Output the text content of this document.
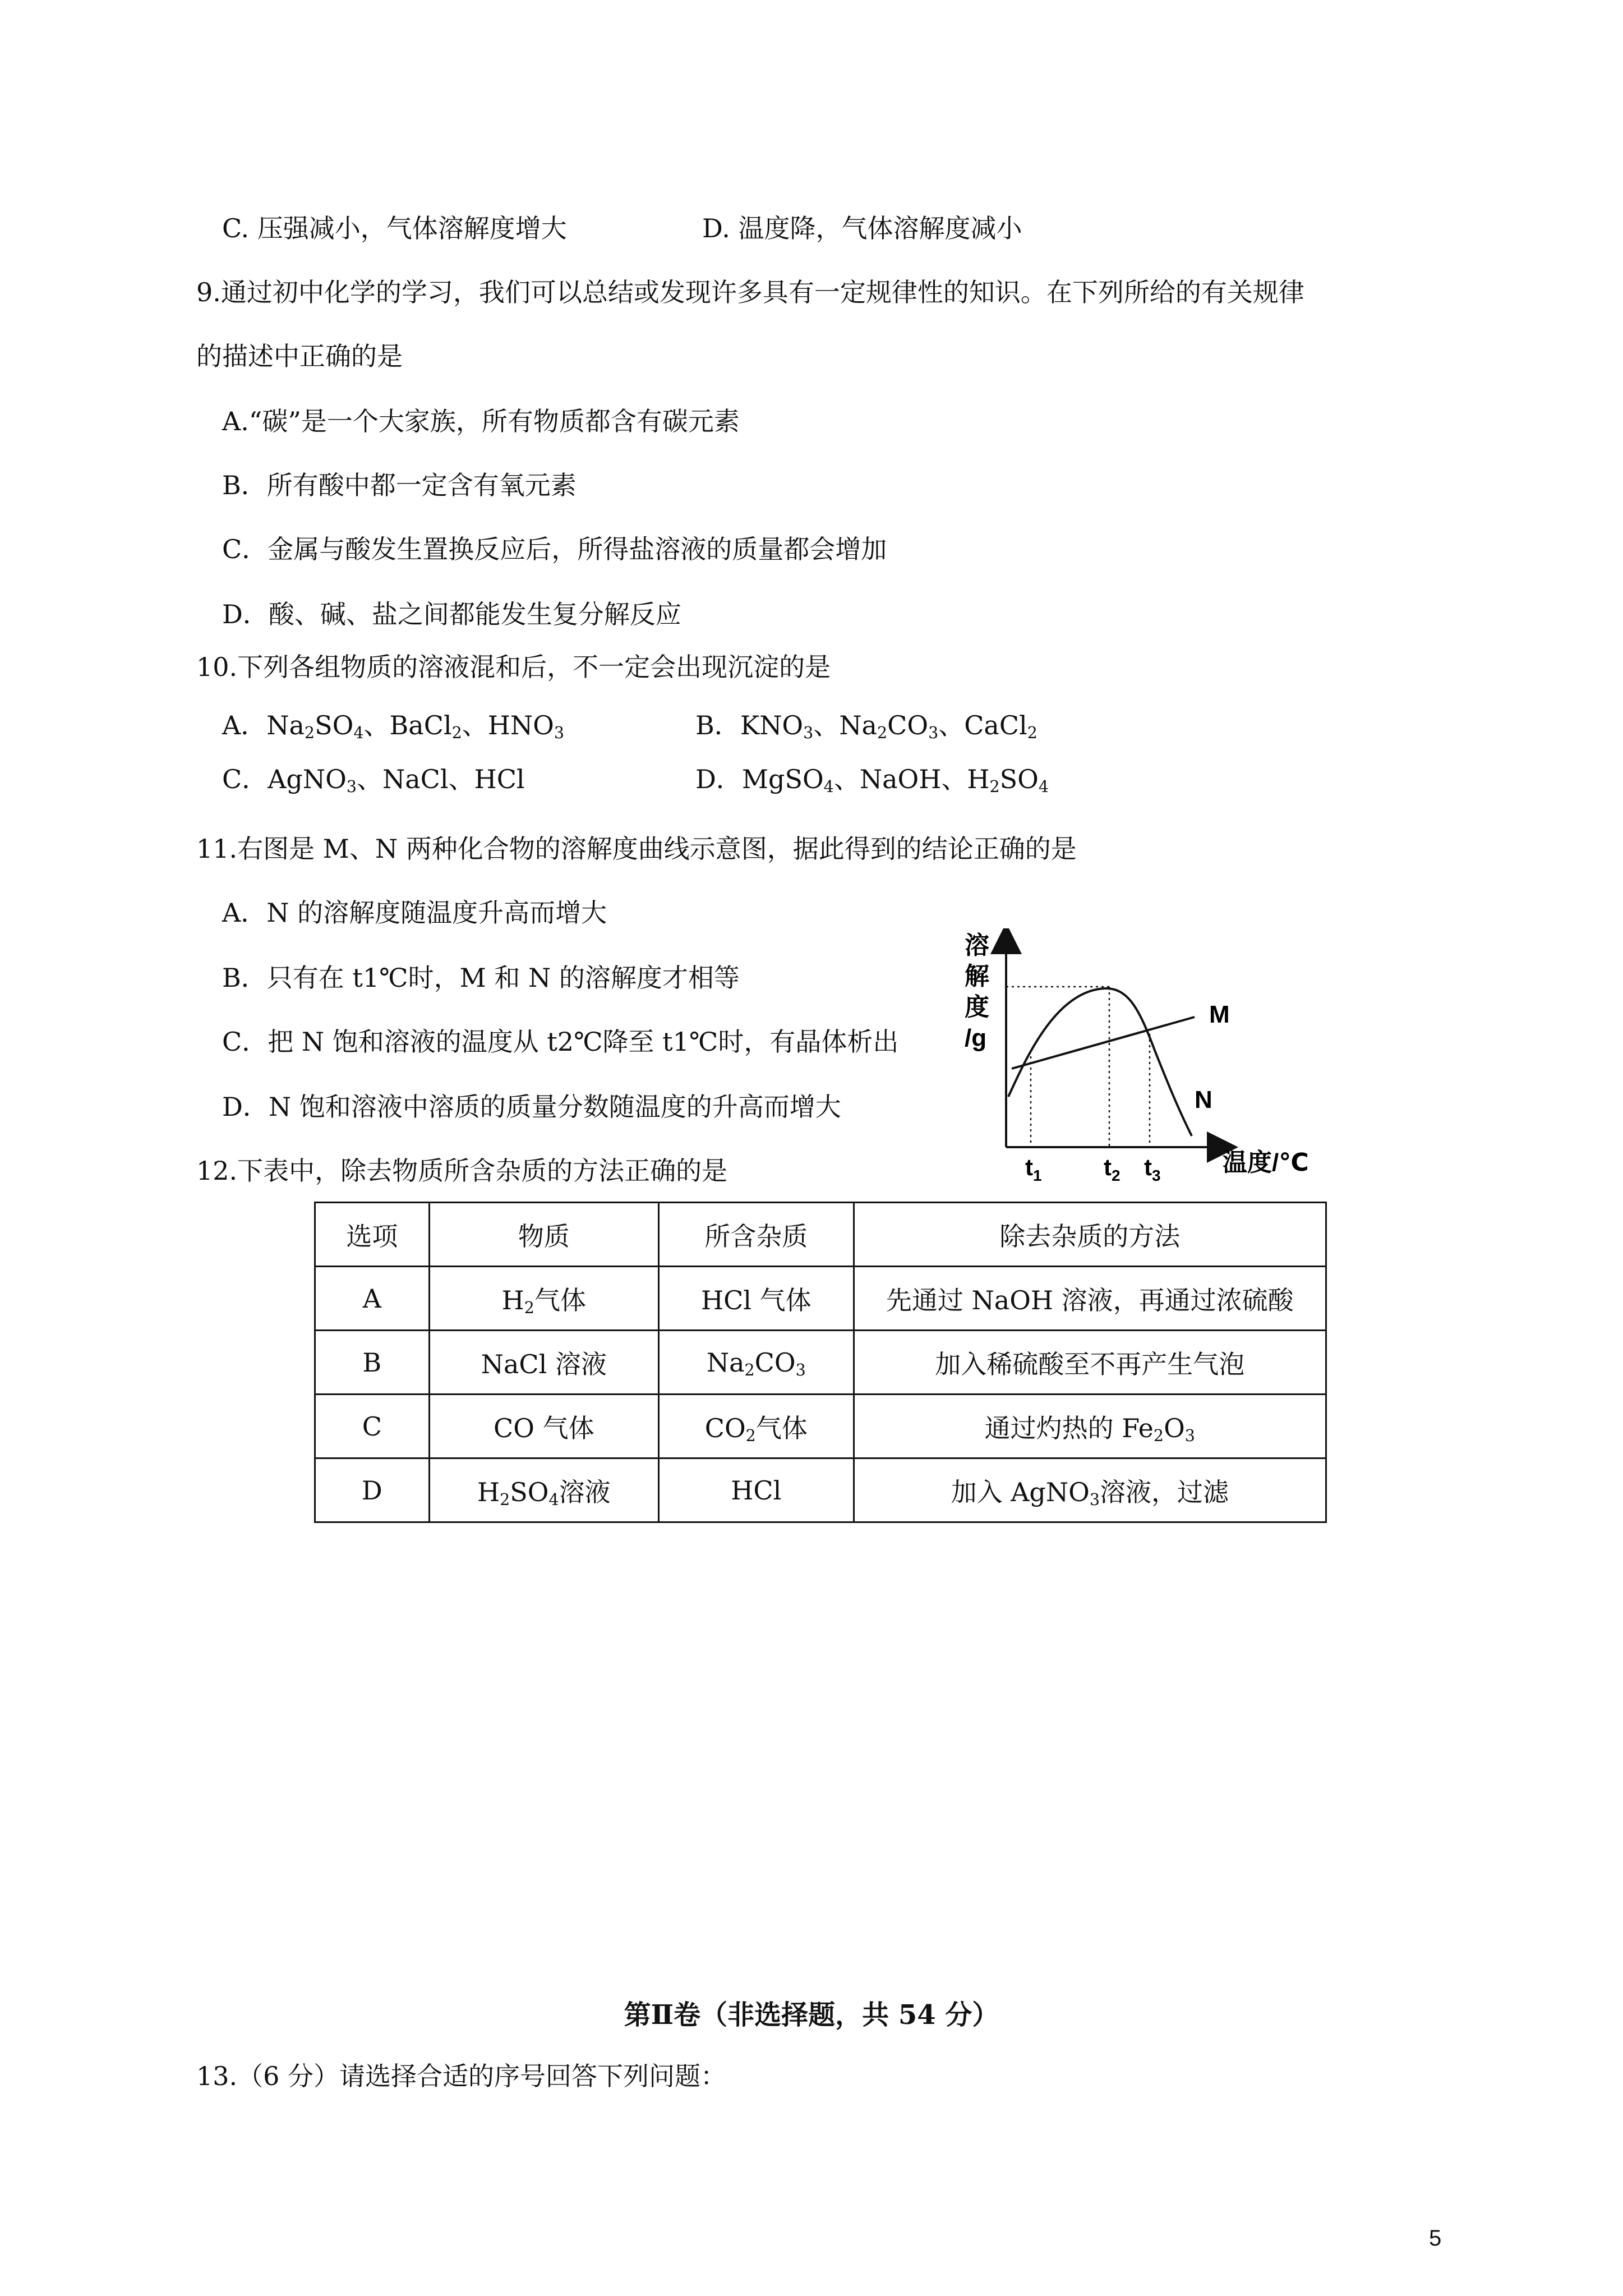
C. 压强减小，气体溶解度增大	D. 温度降，气体溶解度减小
9.通过初中化学的学习，我们可以总结或发现许多具有一定规律性的知识。在下列所给的有关规律
的描述中正确的是
A.“碳”是一个大家族，所有物质都含有碳元素
B．所有酸中都一定含有氧元素
C．金属与酸发生置换反应后，所得盐溶液的质量都会增加
D．酸、碱、盐之间都能发生复分解反应
10.下列各组物质的溶液混和后，不一定会出现沉淀的是
A．$Na_2SO_4$、BaCl$_2$、$HNO_3$	B．$KNO_3$、$Na_2CO_3$、CaCl$_2$
C．AgNO$_3$、NaCl、HCl	D．MgSO$_4$、NaOH、$H_2SO_4$
11.右图是 M、N 两种化合物的溶解度曲线示意图，据此得到的结论正确的是
A．N 的溶解度随温度升高而增大
B．只有在 t1℃时，M 和 N 的溶解度才相等
C．把 N 饱和溶液的温度从 t2℃降至 t1℃时，有晶体析出
D．N 饱和溶液中溶质的质量分数随温度的升高而增大
溶
解
度
/g
M
N
$t_1$	$t_2$ $t_3$	温度/℃
12.下表中，除去物质所含杂质的方法正确的是
选项	物质	所含杂质	除去杂质的方法
A	$H_2$气体	HCl 气体	先通过 NaOH 溶液，再通过浓硫酸
B	NaCl 溶液	$Na_2CO_3$	加入稀硫酸至不再产生气泡
C	CO 气体	$CO_2$气体	通过灼热的 $Fe_2O_3$
D	$H_2SO_4$溶液	HCl	加入 AgNO$_3$溶液，过滤
第Ⅱ卷（非选择题，共 54 分）
13.（6 分）请选择合适的序号回答下列问题：
5
